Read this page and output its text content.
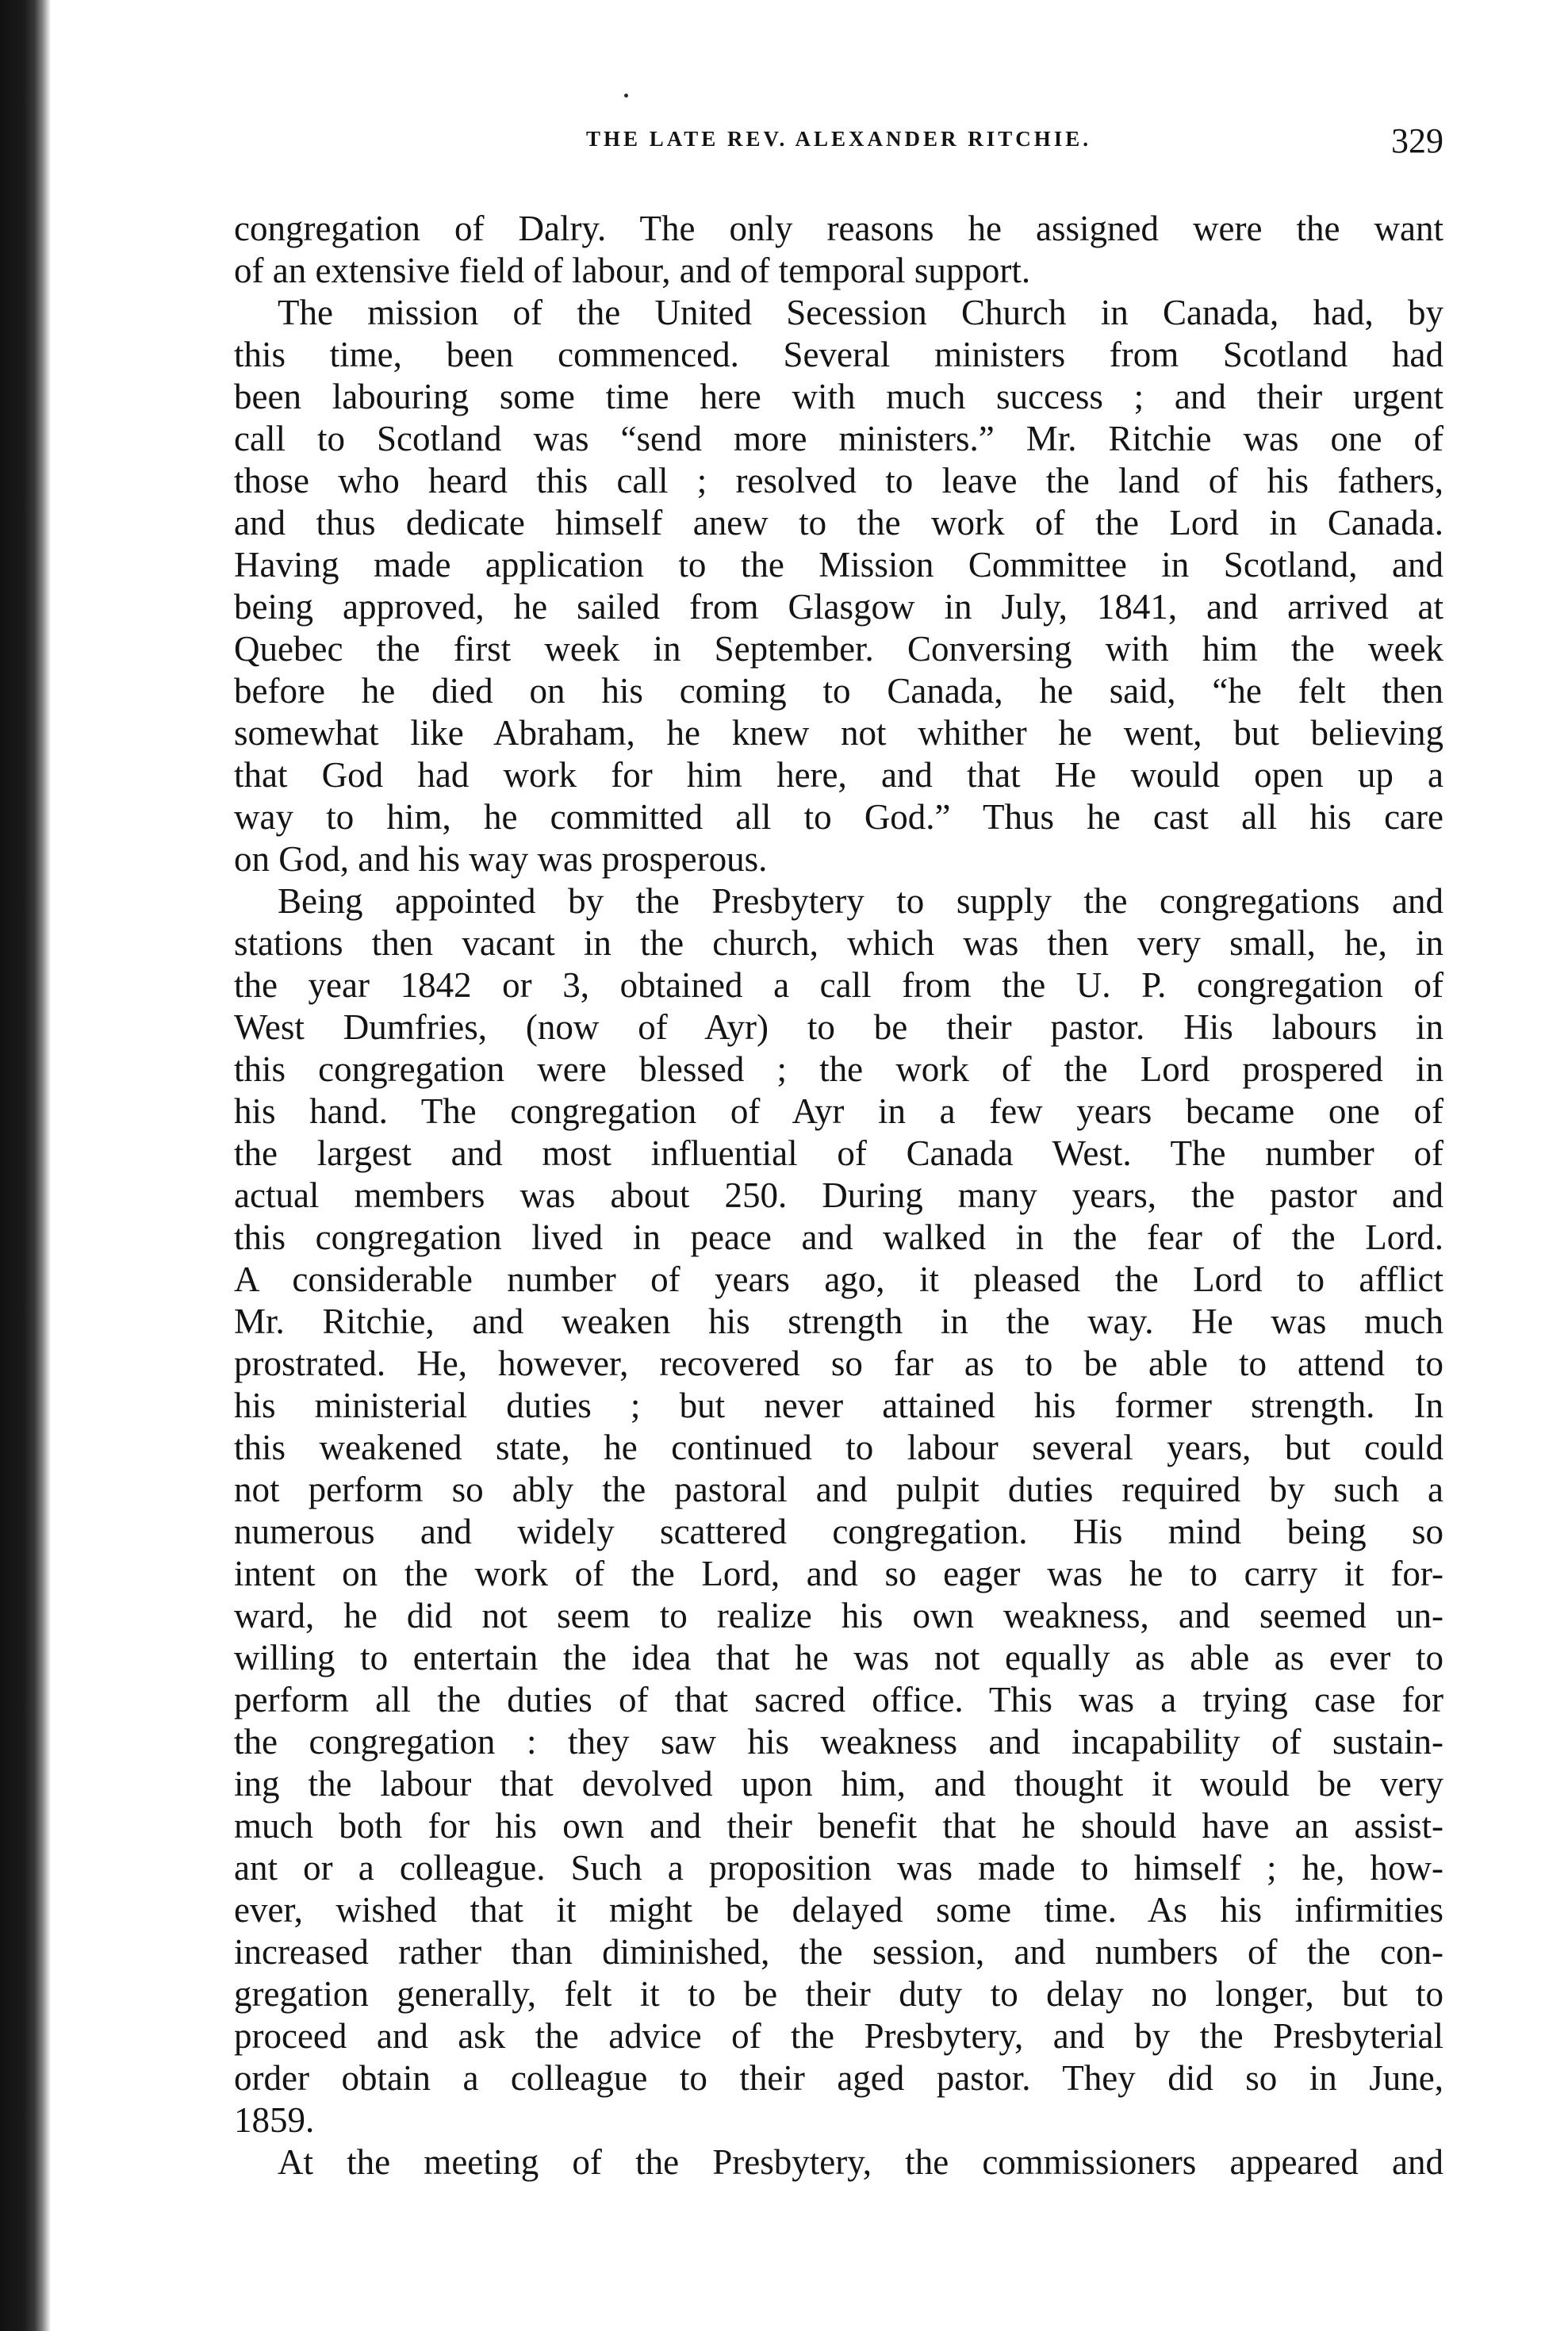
THE LATE REV. ALEXANDER RITCHIE.	329
congregation of Dalry. The only reasons he assigned were the want
of an extensive field of labour, and of temporal support.
The mission of the United Secession Church in Canada, had, by
this time, been commenced. Several ministers from Scotland had
been labouring some time here with much success ; and their urgent
call to Scotland was “send more ministers.” Mr. Ritchie was one of
those who heard this call ; resolved to leave the land of his fathers,
and thus dedicate himself anew to the work of the Lord in Canada.
Having made application to the Mission Committee in Scotland, and
being approved, he sailed from Glasgow in July, 1841, and arrived at
Quebec the first week in September. Conversing with him the week
before he died on his coming to Canada, he said, “he felt then
somewhat like Abraham, he knew not whither he went, but believing
that God had work for him here, and that He would open up a
way to him, he committed all to God.” Thus he cast all his care
on God, and his way was prosperous.
Being appointed by the Presbytery to supply the congregations and
stations then vacant in the church, which was then very small, he, in
the year 1842 or 3, obtained a call from the U. P. congregation of
West Dumfries, (now of Ayr) to be their pastor. His labours in
this congregation were blessed ; the work of the Lord prospered in
his hand. The congregation of Ayr in a few years became one of
the largest and most influential of Canada West. The number of
actual members was about 250. During many years, the pastor and
this congregation lived in peace and walked in the fear of the Lord.
A considerable number of years ago, it pleased the Lord to afflict
Mr. Ritchie, and weaken his strength in the way. He was much
prostrated. He, however, recovered so far as to be able to attend to
his ministerial duties ; but never attained his former strength. In
this weakened state, he continued to labour several years, but could
not perform so ably the pastoral and pulpit duties required by such a
numerous and widely scattered congregation. His mind being so
intent on the work of the Lord, and so eager was he to carry it for-
ward, he did not seem to realize his own weakness, and seemed un-
willing to entertain the idea that he was not equally as able as ever to
perform all the duties of that sacred office. This was a trying case for
the congregation : they saw his weakness and incapability of sustain-
ing the labour that devolved upon him, and thought it would be very
much both for his own and their benefit that he should have an assist-
ant or a colleague. Such a proposition was made to himself ; he, how-
ever, wished that it might be delayed some time. As his infirmities
increased rather than diminished, the session, and numbers of the con-
gregation generally, felt it to be their duty to delay no longer, but to
proceed and ask the advice of the Presbytery, and by the Presbyterial
order obtain a colleague to their aged pastor. They did so in June,
1859.
At the meeting of the Presbytery, the commissioners appeared and
